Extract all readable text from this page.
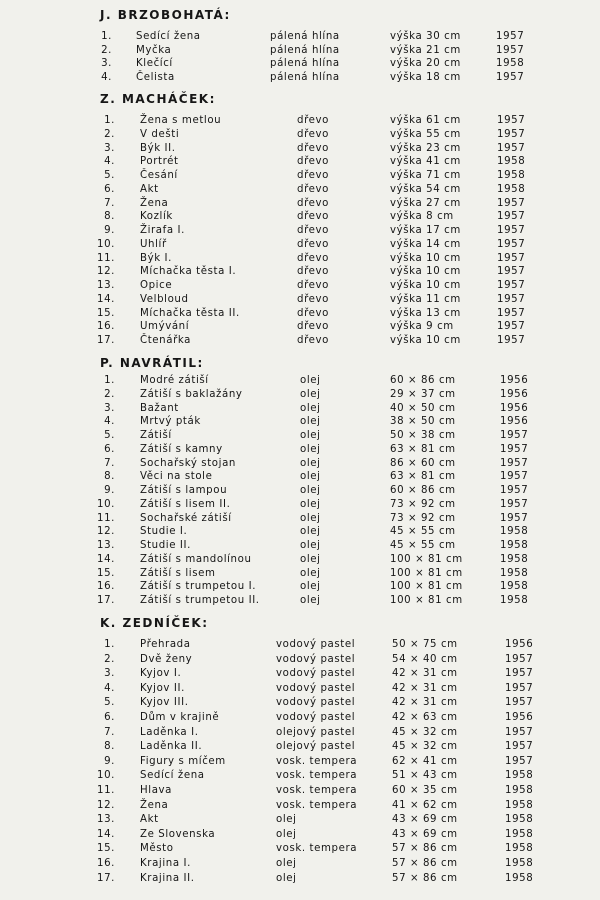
J. BRZOBOHATÁ:
1. Sedící žena	pálená hlína	výška 30 cm	1957
2. Myčka	pálená hlína	výška 21 cm	1957
3. Klečící	pálená hlína	výška 20 cm	1958
4. Čelista	pálená hlína	výška 18 cm	1957
Z. MACHÁČEK:
1. Žena s metlou	dřevo	výška 61 cm	1957
2. V dešti	dřevo	výška 55 cm	1957
3. Býk II.	dřevo	výška 23 cm	1957
4. Portrét	dřevo	výška 41 cm	1958
5. Česání	dřevo	výška 71 cm	1958
6. Akt	dřevo	výška 54 cm	1958
7. Žena	dřevo	výška 27 cm	1957
8. Kozlík	dřevo	výška 8 cm	1957
9. Žirafa I.	dřevo	výška 17 cm	1957
10. Uhlíř	dřevo	výška 14 cm	1957
11. Býk I.	dřevo	výška 10 cm	1957
12. Míchačka těsta I.	dřevo	výška 10 cm	1957
13. Opice	dřevo	výška 10 cm	1957
14. Velbloud	dřevo	výška 11 cm	1957
15. Míchačka těsta II.	dřevo	výška 13 cm	1957
16. Umývání	dřevo	výška 9 cm	1957
17. Čtenářka	dřevo	výška 10 cm	1957
P. NAVRÁTIL:
1. Modré zátiší	olej	60 × 86 cm	1956
2. Zátiší s baklažány	olej	29 × 37 cm	1956
3. Bažant	olej	40 × 50 cm	1956
4. Mrtvý pták	olej	38 × 50 cm	1956
5. Zátiší	olej	50 × 38 cm	1957
6. Zátiší s kamny	olej	63 × 81 cm	1957
7. Sochařský stojan	olej	86 × 60 cm	1957
8. Věci na stole	olej	63 × 81 cm	1957
9. Zátiší s lampou	olej	60 × 86 cm	1957
10. Zátiší s lisem II.	olej	73 × 92 cm	1957
11. Sochařské zátiší	olej	73 × 92 cm	1957
12. Studie I.	olej	45 × 55 cm	1958
13. Studie II.	olej	45 × 55 cm	1958
14. Zátiší s mandolínou	olej	100 × 81 cm	1958
15. Zátiší s lisem	olej	100 × 81 cm	1958
16. Zátiší s trumpetou I.	olej	100 × 81 cm	1958
17. Zátiší s trumpetou II.	olej	100 × 81 cm	1958
K. ZEDNÍČEK:
1. Přehrada	vodový pastel	50 × 75 cm	1956
2. Dvě ženy	vodový pastel	54 × 40 cm	1957
3. Kyjov I.	vodový pastel	42 × 31 cm	1957
4. Kyjov II.	vodový pastel	42 × 31 cm	1957
5. Kyjov III.	vodový pastel	42 × 31 cm	1957
6. Dům v krajině	vodový pastel	42 × 63 cm	1956
7. Laděnka I.	olejový pastel	45 × 32 cm	1957
8. Laděnka II.	olejový pastel	45 × 32 cm	1957
9. Figury s míčem	vosk. tempera	62 × 41 cm	1957
10. Sedící žena	vosk. tempera	51 × 43 cm	1958
11. Hlava	vosk. tempera	60 × 35 cm	1958
12. Žena	vosk. tempera	41 × 62 cm	1958
13. Akt	olej	43 × 69 cm	1958
14. Ze Slovenska	olej	43 × 69 cm	1958
15. Město	vosk. tempera	57 × 86 cm	1958
16. Krajina I.	olej	57 × 86 cm	1958
17. Krajina II.	olej	57 × 86 cm	1958
